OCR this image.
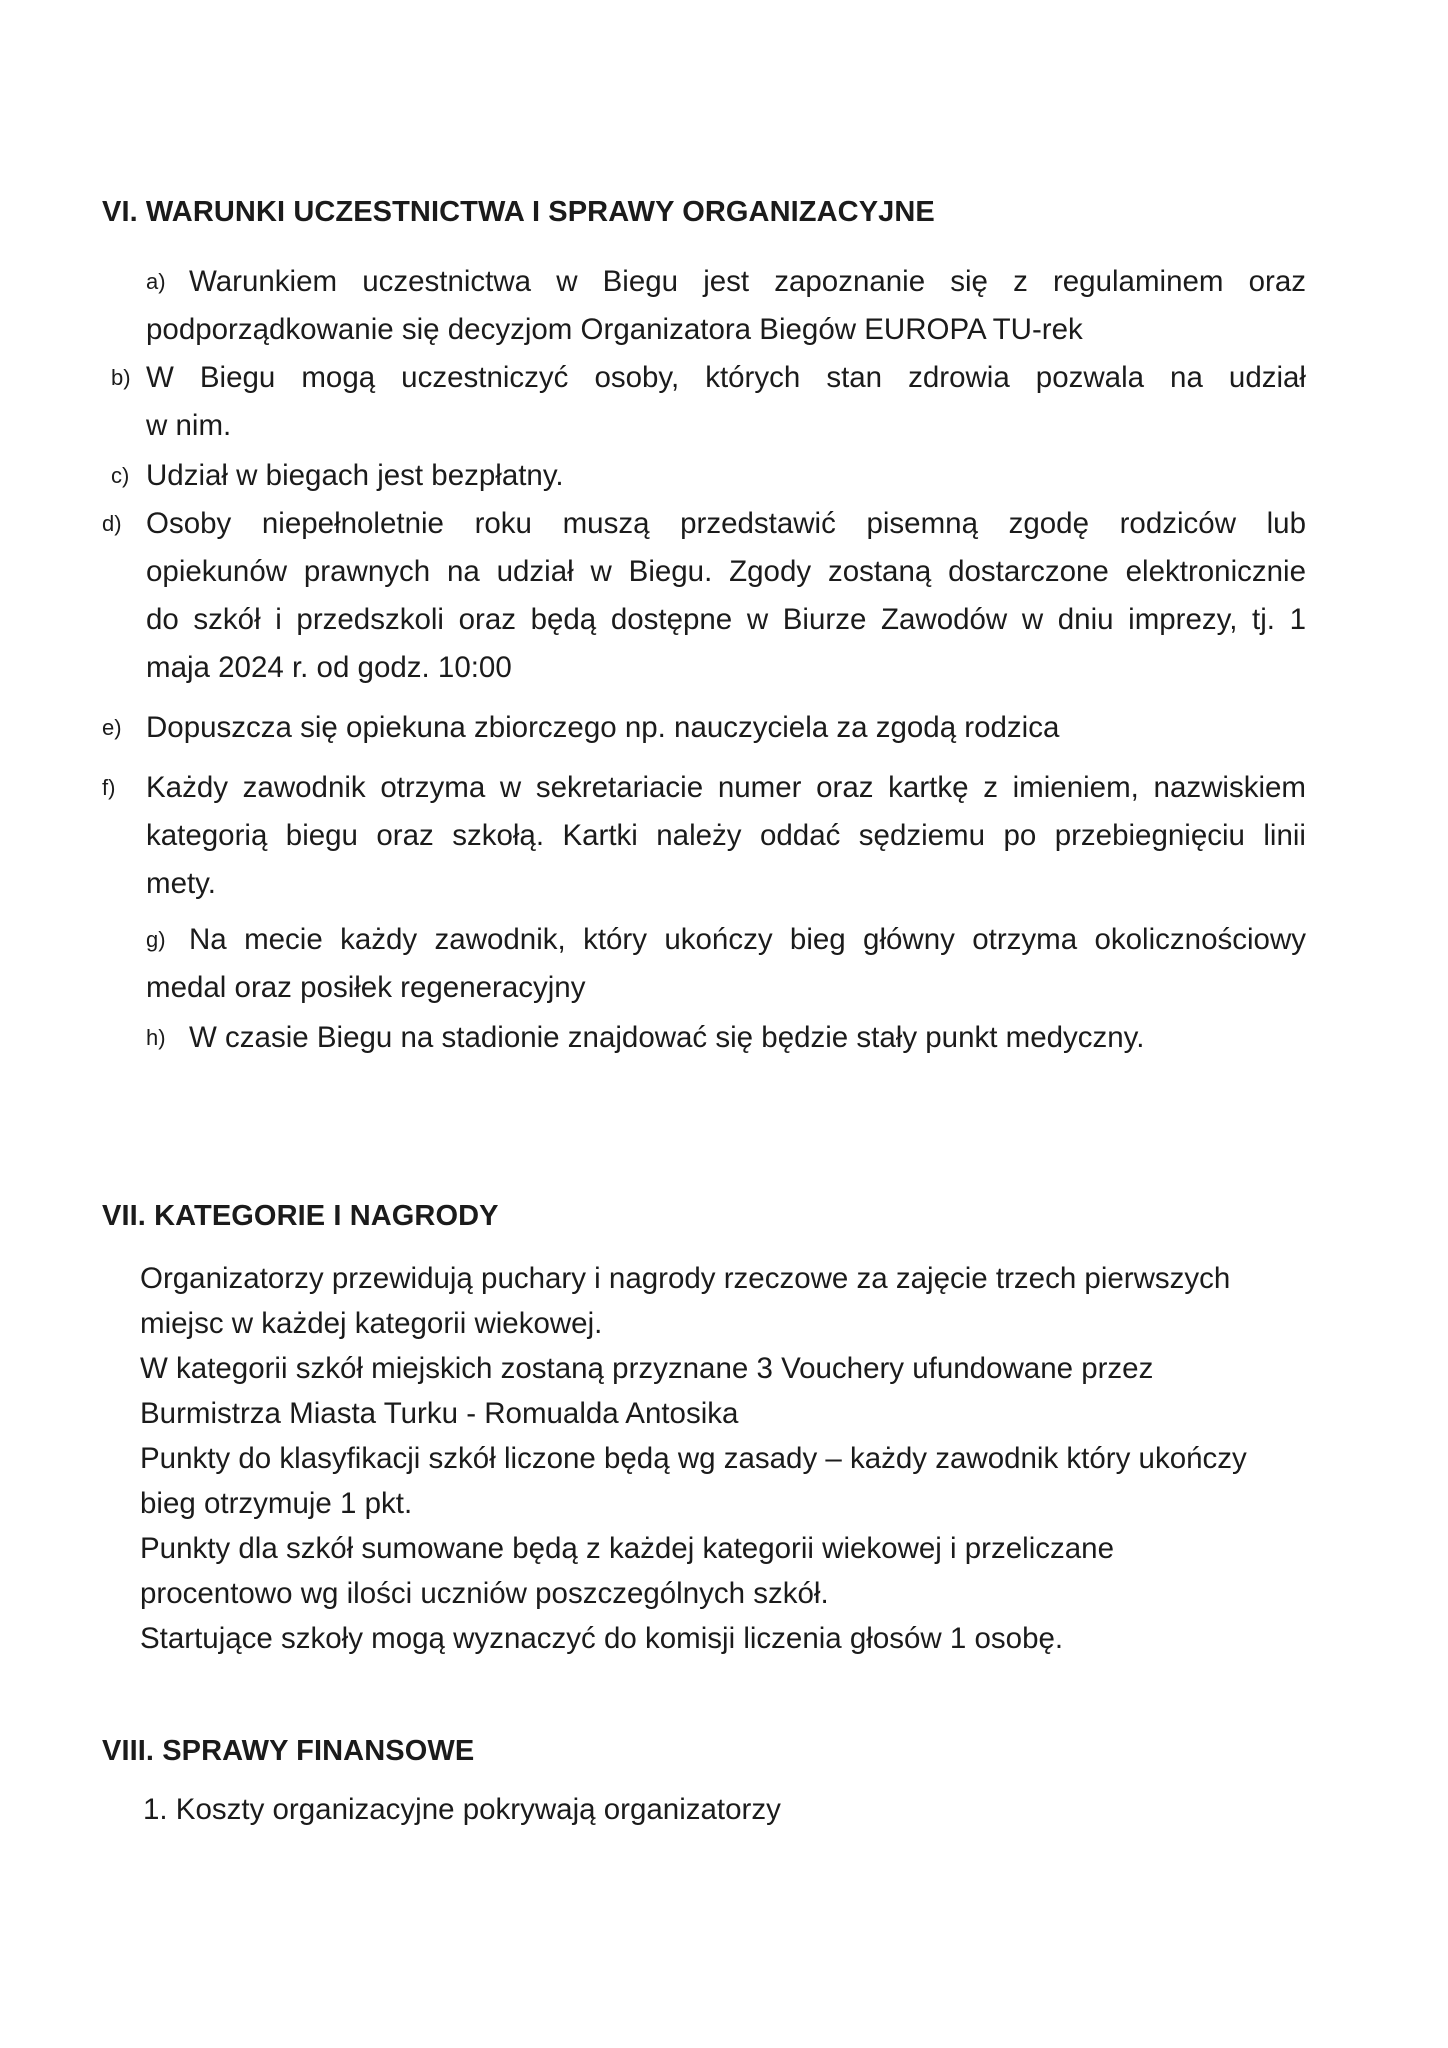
VI. WARUNKI UCZESTNICTWA I SPRAWY ORGANIZACYJNE
a) Warunkiem uczestnictwa w Biegu jest zapoznanie się z regulaminem oraz
podporządkowanie się decyzjom Organizatora Biegów EUROPA TU-rek
b) W Biegu mogą uczestniczyć osoby, których stan zdrowia pozwala na udział
w nim.
c) Udział w biegach jest bezpłatny.
d) Osoby niepełnoletnie roku muszą przedstawić pisemną zgodę rodziców lub
opiekunów prawnych na udział w Biegu. Zgody zostaną dostarczone elektronicznie
do szkół i przedszkoli oraz będą dostępne w Biurze Zawodów w dniu imprezy, tj. 1
maja 2024 r. od godz. 10:00
e) Dopuszcza się opiekuna zbiorczego np. nauczyciela za zgodą rodzica
f) Każdy zawodnik otrzyma w sekretariacie numer oraz kartkę z imieniem, nazwiskiem
kategorią biegu oraz szkołą. Kartki należy oddać sędziemu po przebiegnięciu linii
mety.
g) Na mecie każdy zawodnik, który ukończy bieg główny otrzyma okolicznościowy
medal oraz posiłek regeneracyjny
h) W czasie Biegu na stadionie znajdować się będzie stały punkt medyczny.
VII. KATEGORIE I NAGRODY
Organizatorzy przewidują puchary i nagrody rzeczowe za zajęcie trzech pierwszych
miejsc w każdej kategorii wiekowej.
W kategorii szkół miejskich zostaną przyznane 3 Vouchery ufundowane przez
Burmistrza Miasta Turku - Romualda Antosika
Punkty do klasyfikacji szkół liczone będą wg zasady – każdy zawodnik który ukończy
bieg otrzymuje 1 pkt.
Punkty dla szkół sumowane będą z każdej kategorii wiekowej i przeliczane
procentowo wg ilości uczniów poszczególnych szkół.
Startujące szkoły mogą wyznaczyć do komisji liczenia głosów 1 osobę.
VIII. SPRAWY FINANSOWE
1. Koszty organizacyjne pokrywają organizatorzy
